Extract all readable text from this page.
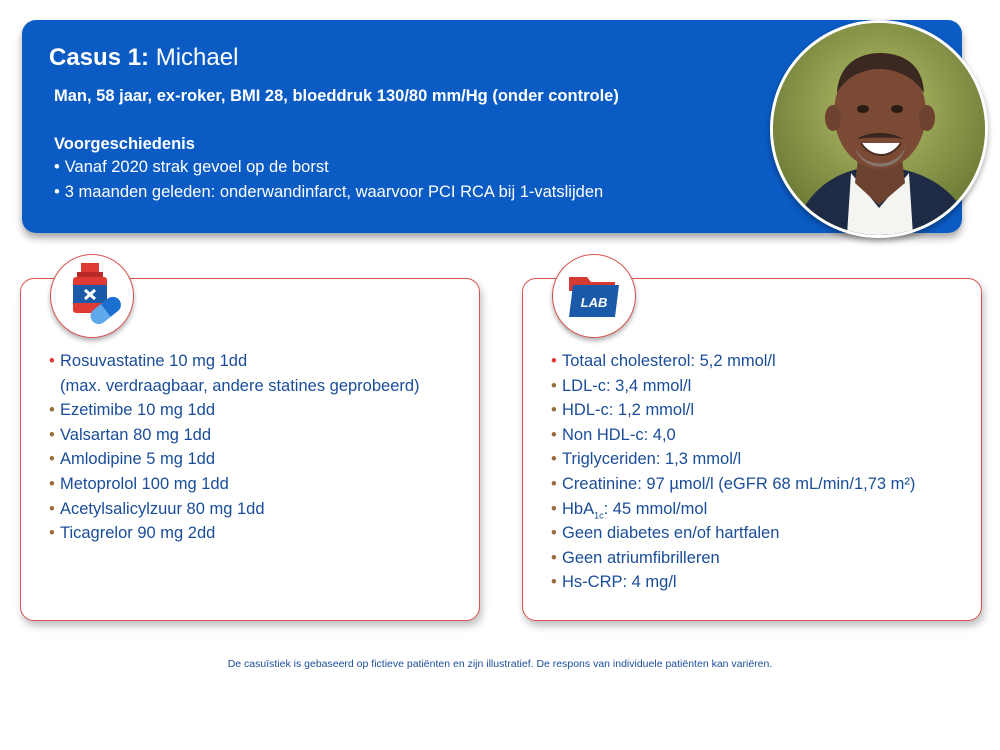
Casus 1: Michael
Man, 58 jaar, ex-roker, BMI 28, bloeddruk 130/80 mm/Hg (onder controle)
Voorgeschiedenis
• Vanaf 2020 strak gevoel op de borst
• 3 maanden geleden: onderwandinfarct, waarvoor PCI RCA bij 1-vatslijden
• Rosuvastatine 10 mg 1dd
(max. verdraagbaar, andere statines geprobeerd)
• Ezetimibe 10 mg 1dd
• Valsartan 80 mg 1dd
• Amlodipine 5 mg 1dd
• Metoprolol 100 mg 1dd
• Acetylsalicylzuur 80 mg 1dd
• Ticagrelor 90 mg 2dd
LAB
• Totaal cholesterol: 5,2 mmol/l
• LDL-c: 3,4 mmol/l
• HDL-c: 1,2 mmol/l
• Non HDL-c: 4,0
• Triglyceriden: 1,3 mmol/l
• Creatinine: 97 µmol/l (eGFR 68 mL/min/1,73 m²)
• HbA$_{1c}$: 45 mmol/mol
• Geen diabetes en/of hartfalen
• Geen atriumfibrilleren
• Hs-CRP: 4 mg/l
De casuïstiek is gebaseerd op fictieve patiënten en zijn illustratief. De respons van individuele patiënten kan variëren.
